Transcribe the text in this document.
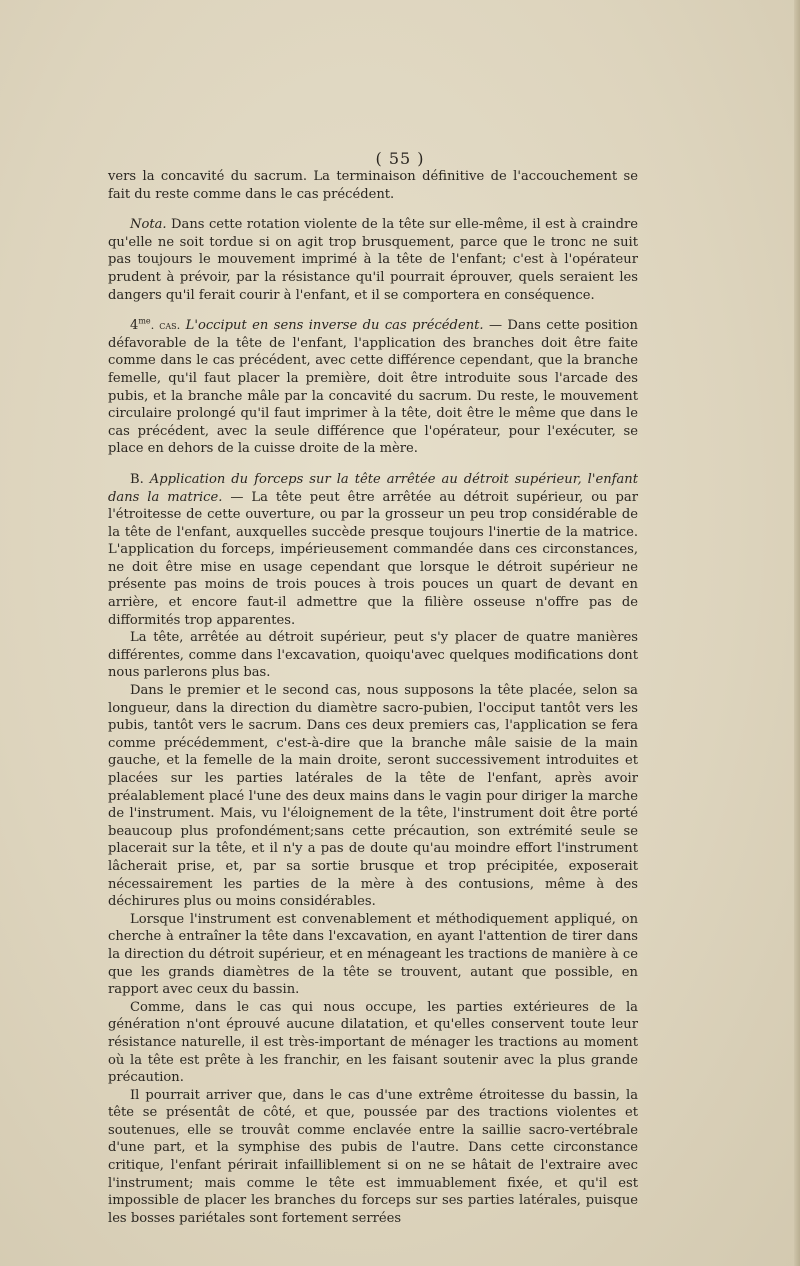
( 55 )

vers la concavité du sacrum. La terminaison définitive de l'accouchement se fait du reste comme dans le cas précédent.

Nota. Dans cette rotation violente de la tête sur elle-même, il est à craindre qu'elle ne soit tordue si on agit trop brusquement, parce que le tronc ne suit pas toujours le mouvement imprimé à la tête de l'enfant; c'est à l'opérateur prudent à prévoir, par la résistance qu'il pourrait éprouver, quels seraient les dangers qu'il ferait courir à l'enfant, et il se comportera en conséquence.

$4^{me}$. cas. L'occiput en sens inverse du cas précédent. — Dans cette position défavorable de la tête de l'enfant, l'application des branches doit être faite comme dans le cas précédent, avec cette différence cependant, que la branche femelle, qu'il faut placer la première, doit être introduite sous l'arcade des pubis, et la branche mâle par la concavité du sacrum. Du reste, le mouvement circulaire prolongé qu'il faut imprimer à la tête, doit être le même que dans le cas précédent, avec la seule différence que l'opérateur, pour l'exécuter, se place en dehors de la cuisse droite de la mère.

B. Application du forceps sur la tête arrêtée au détroit supérieur, l'enfant dans la matrice. — La tête peut être arrêtée au détroit supérieur, ou par l'étroitesse de cette ouverture, ou par la grosseur un peu trop considérable de la tête de l'enfant, auxquelles succède presque toujours l'inertie de la matrice. L'application du forceps, impérieusement commandée dans ces circonstances, ne doit être mise en usage cependant que lorsque le détroit supérieur ne présente pas moins de trois pouces à trois pouces un quart de devant en arrière, et encore faut-il admettre que la filière osseuse n'offre pas de difformités trop apparentes.

La tête, arrêtée au détroit supérieur, peut s'y placer de quatre manières différentes, comme dans l'excavation, quoiqu'avec quelques modifications dont nous parlerons plus bas.

Dans le premier et le second cas, nous supposons la tête placée, selon sa longueur, dans la direction du diamètre sacro-pubien, l'occiput tantôt vers les pubis, tantôt vers le sacrum. Dans ces deux premiers cas, l'application se fera comme précédemment, c'est-à-dire que la branche mâle saisie de la main gauche, et la femelle de la main droite, seront successivement introduites et placées sur les parties latérales de la tête de l'enfant, après avoir préalablement placé l'une des deux mains dans le vagin pour diriger la marche de l'instrument. Mais, vu l'éloignement de la tête, l'instrument doit être porté beaucoup plus profondément;sans cette précaution, son extrémité seule se placerait sur la tête, et il n'y a pas de doute qu'au moindre effort l'instrument lâcherait prise, et, par sa sortie brusque et trop précipitée, exposerait nécessairement les parties de la mère à des contusions, même à des déchirures plus ou moins considérables.

Lorsque l'instrument est convenablement et méthodiquement appliqué, on cherche à entraîner la tête dans l'excavation, en ayant l'attention de tirer dans la direction du détroit supérieur, et en ménageant les tractions de manière à ce que les grands diamètres de la tête se trouvent, autant que possible, en rapport avec ceux du bassin.

Comme, dans le cas qui nous occupe, les parties extérieures de la génération n'ont éprouvé aucune dilatation, et qu'elles conservent toute leur résistance naturelle, il est très-important de ménager les tractions au moment où la tête est prête à les franchir, en les faisant soutenir avec la plus grande précaution.

Il pourrait arriver que, dans le cas d'une extrême étroitesse du bassin, la tête se présentât de côté, et que, poussée par des tractions violentes et soutenues, elle se trouvât comme enclavée entre la saillie sacro-vertébrale d'une part, et la symphise des pubis de l'autre. Dans cette circonstance critique, l'enfant périrait infailliblement si on ne se hâtait de l'extraire avec l'instrument; mais comme le tête est immuablement fixée, et qu'il est impossible de placer les branches du forceps sur ses parties latérales, puisque les bosses pariétales sont fortement serrées
